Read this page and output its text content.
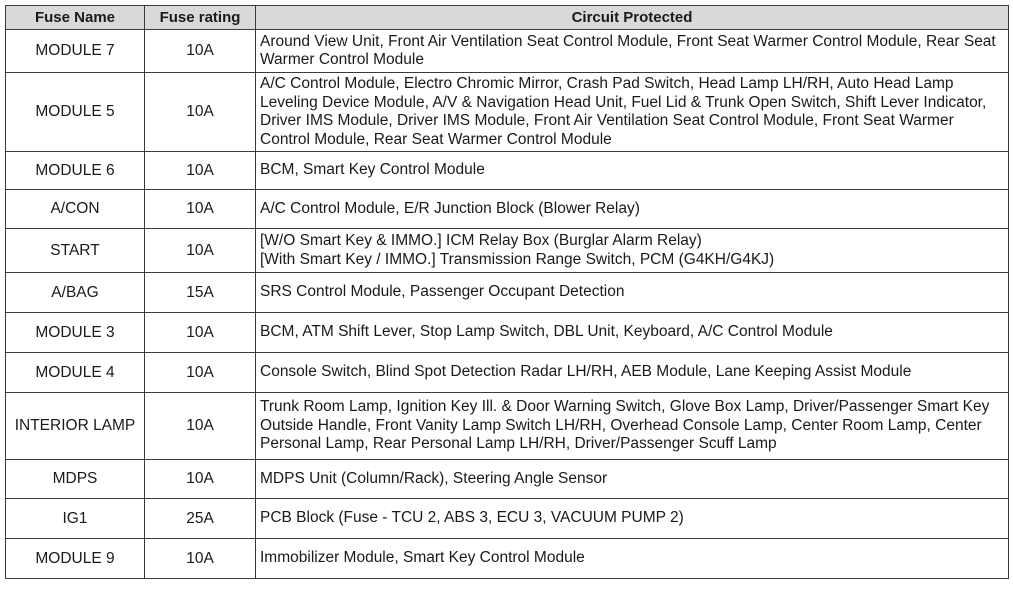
Fuse Name	Fuse rating	Circuit Protected
MODULE 7	10A	Around View Unit, Front Air Ventilation Seat Control Module, Front Seat Warmer Control Module, Rear Seat Warmer Control Module

MODULE 5	10A	A/C Control Module, Electro Chromic Mirror, Crash Pad Switch, Head Lamp LH/RH, Auto Head Lamp Leveling Device Module, A/V & Navigation Head Unit, Fuel Lid & Trunk Open Switch, Shift Lever Indicator, Driver IMS Module, Driver IMS Module, Front Air Ventilation Seat Control Module, Front Seat Warmer Control Module, Rear Seat Warmer Control Module

MODULE 6	10A	BCM, Smart Key Control Module

A/CON	10A	A/C Control Module, E/R Junction Block (Blower Relay)

START	10A	[W/O Smart Key & IMMO.] ICM Relay Box (Burglar Alarm Relay)
[With Smart Key / IMMO.] Transmission Range Switch, PCM (G4KH/G4KJ)

A/BAG	15A	SRS Control Module, Passenger Occupant Detection

MODULE 3	10A	BCM, ATM Shift Lever, Stop Lamp Switch, DBL Unit, Keyboard, A/C Control Module

MODULE 4	10A	Console Switch, Blind Spot Detection Radar LH/RH, AEB Module, Lane Keeping Assist Module

INTERIOR LAMP	10A	Trunk Room Lamp, Ignition Key Ill. & Door Warning Switch, Glove Box Lamp, Driver/Passenger Smart Key Outside Handle, Front Vanity Lamp Switch LH/RH, Overhead Console Lamp, Center Room Lamp, Center Personal Lamp, Rear Personal Lamp LH/RH, Driver/Passenger Scuff Lamp

MDPS	10A	MDPS Unit (Column/Rack), Steering Angle Sensor

IG1	25A	PCB Block (Fuse - TCU 2, ABS 3, ECU 3, VACUUM PUMP 2)

MODULE 9	10A	Immobilizer Module, Smart Key Control Module
